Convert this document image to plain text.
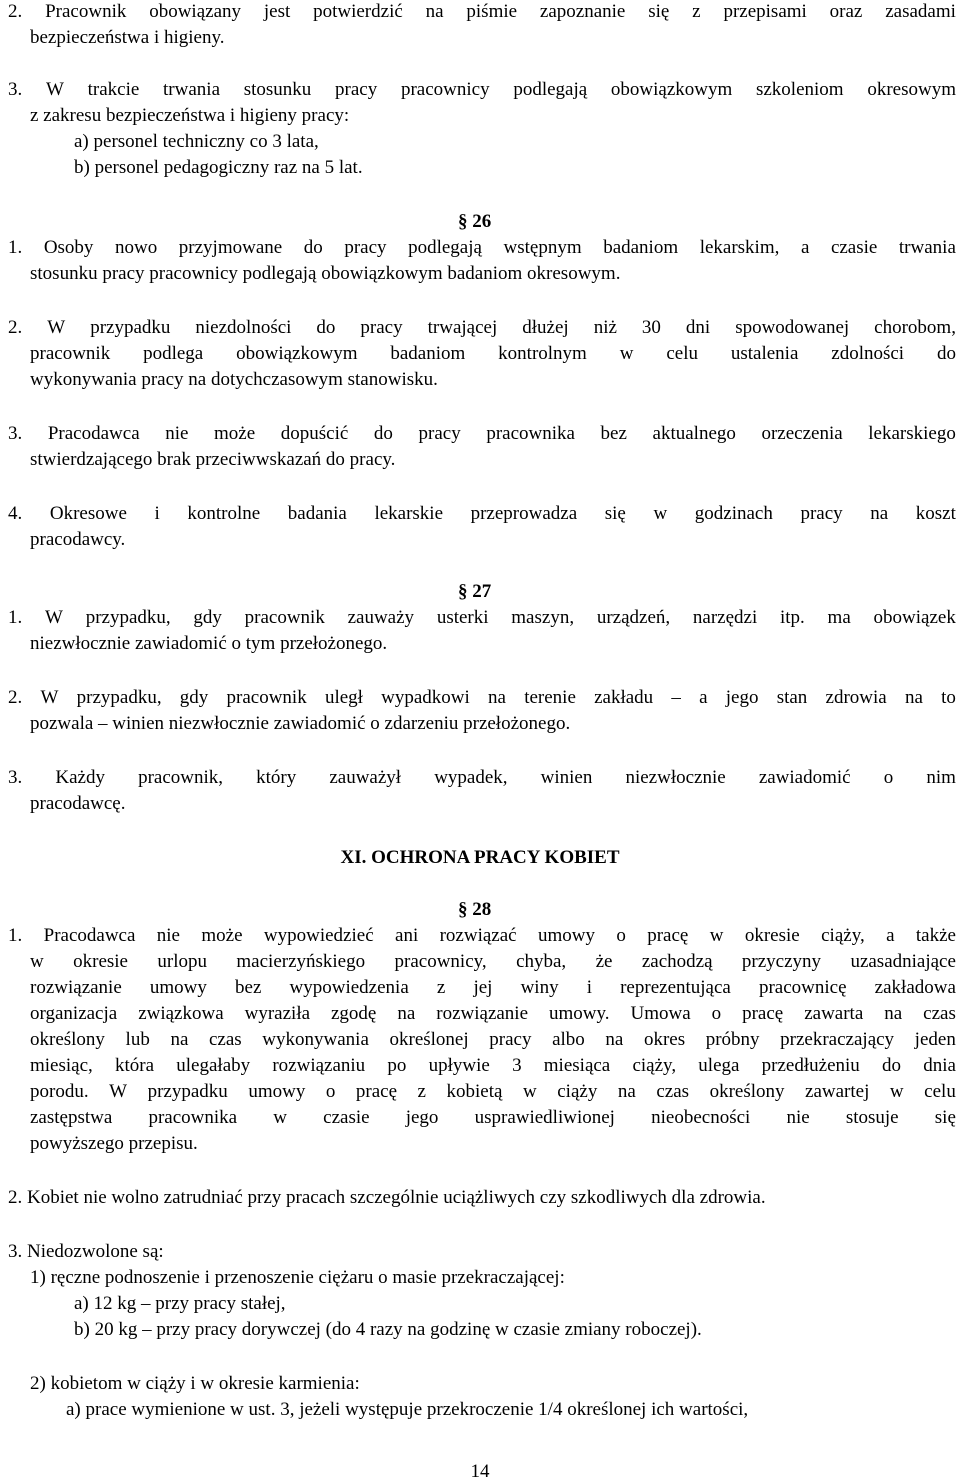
2. Pracownik obowiązany jest potwierdzić na piśmie zapoznanie się z przepisami oraz zasadami
bezpieczeństwa i higieny.
3. W trakcie trwania stosunku pracy pracownicy podlegają obowiązkowym szkoleniom okresowym
z zakresu bezpieczeństwa i higieny pracy:
a) personel techniczny co 3 lata,
b) personel pedagogiczny raz na 5 lat.
§ 26
1. Osoby nowo przyjmowane do pracy podlegają wstępnym badaniom lekarskim, a czasie trwania
stosunku pracy pracownicy podlegają obowiązkowym badaniom okresowym.
2. W przypadku niezdolności do pracy trwającej dłużej niż 30 dni spowodowanej chorobom,
pracownik podlega obowiązkowym badaniom kontrolnym w celu ustalenia zdolności do
wykonywania pracy na dotychczasowym stanowisku.
3. Pracodawca nie może dopuścić do pracy pracownika bez aktualnego orzeczenia lekarskiego
stwierdzającego brak przeciwwskazań do pracy.
4. Okresowe i kontrolne badania lekarskie przeprowadza się w godzinach pracy na koszt
pracodawcy.
§ 27
1. W przypadku, gdy pracownik zauważy usterki maszyn, urządzeń, narzędzi itp. ma obowiązek
niezwłocznie zawiadomić o tym przełożonego.
2. W przypadku, gdy pracownik uległ wypadkowi na terenie zakładu – a jego stan zdrowia na to
pozwala – winien niezwłocznie zawiadomić o zdarzeniu przełożonego.
3. Każdy pracownik, który zauważył wypadek, winien niezwłocznie zawiadomić o nim
pracodawcę.
XI. OCHRONA PRACY KOBIET
§ 28
1. Pracodawca nie może wypowiedzieć ani rozwiązać umowy o pracę w okresie ciąży, a także
w okresie urlopu macierzyńskiego pracownicy, chyba, że zachodzą przyczyny uzasadniające
rozwiązanie umowy bez wypowiedzenia z jej winy i reprezentująca pracownicę zakładowa
organizacja związkowa wyraziła zgodę na rozwiązanie umowy. Umowa o pracę zawarta na czas
określony lub na czas wykonywania określonej pracy albo na okres próbny przekraczający jeden
miesiąc, która ulegałaby rozwiązaniu po upływie 3 miesiąca ciąży, ulega przedłużeniu do dnia
porodu. W przypadku umowy o pracę z kobietą w ciąży na czas określony zawartej w celu
zastępstwa pracownika w czasie jego usprawiedliwionej nieobecności nie stosuje się
powyższego przepisu.
2. Kobiet nie wolno zatrudniać przy pracach szczególnie uciążliwych czy szkodliwych dla zdrowia.
3. Niedozwolone są:
1) ręczne podnoszenie i przenoszenie ciężaru o masie przekraczającej:
a) 12 kg – przy pracy stałej,
b) 20 kg – przy pracy dorywczej (do 4 razy na godzinę w czasie zmiany roboczej).
2) kobietom w ciąży i w okresie karmienia:
a) prace wymienione w ust. 3, jeżeli występuje przekroczenie 1/4 określonej ich wartości,
14
